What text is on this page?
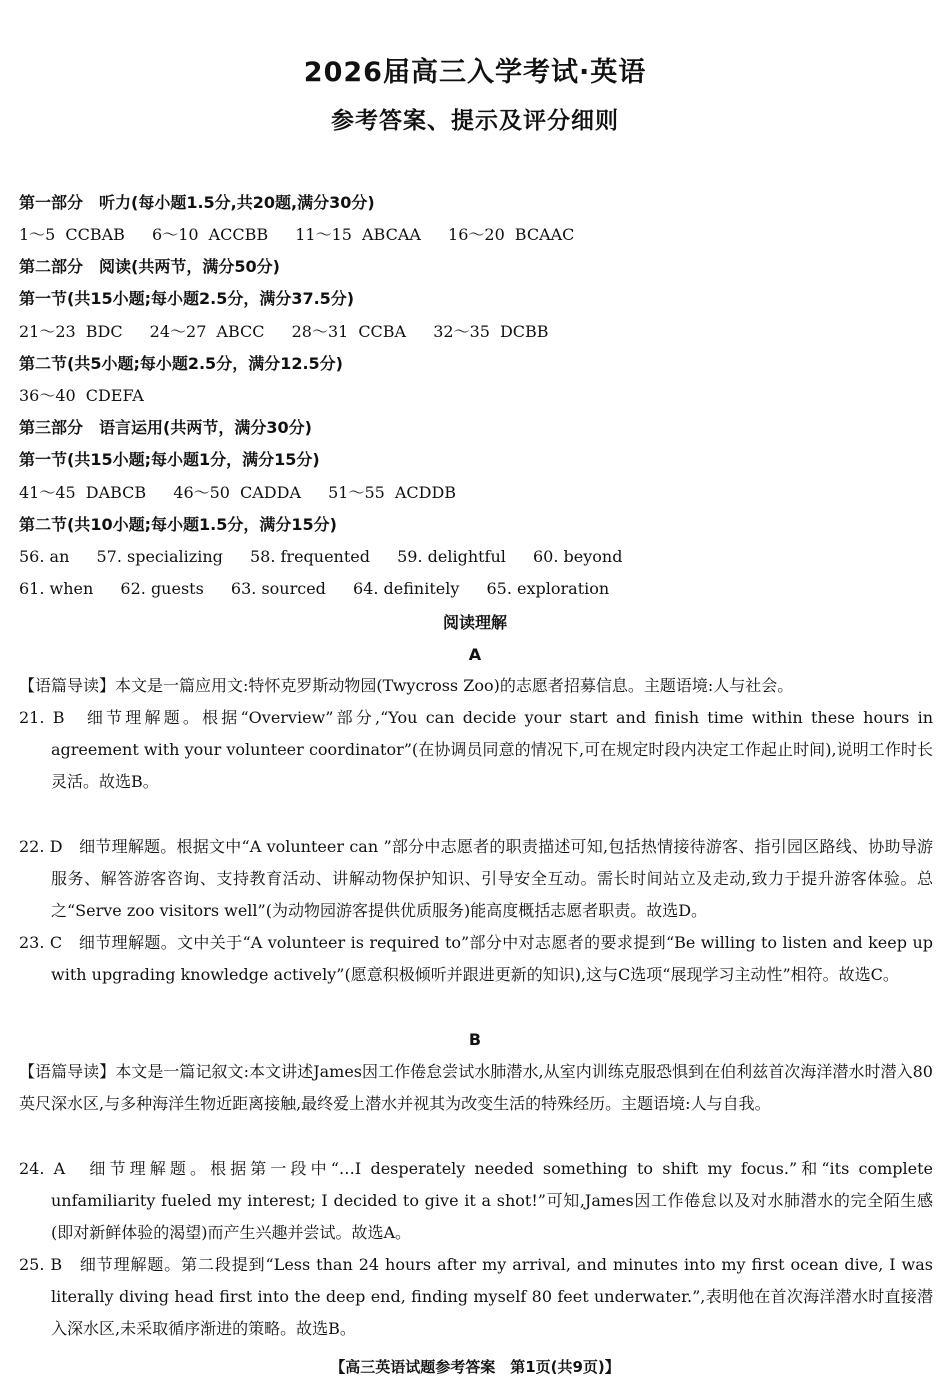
2026届高三入学考试·英语
参考答案、提示及评分细则
第一部分　听力(每小题1.5分,共20题,满分30分)
1～5 CCBAB 6～10 ACCBB 11～15 ABCAA 16～20 BCAAC
第二部分　阅读(共两节，满分50分)
第一节(共15小题;每小题2.5分，满分37.5分)
21～23 BDC 24～27 ABCC 28～31 CCBA 32～35 DCBB
第二节(共5小题;每小题2.5分，满分12.5分)
36～40 CDEFA
第三部分　语言运用(共两节，满分30分)
第一节(共15小题;每小题1分，满分15分)
41～45 DABCB 46～50 CADDA 51～55 ACDDB
第二节(共10小题;每小题1.5分，满分15分)
56. an 57. specializing 58. frequented 59. delightful 60. beyond
61. when 62. guests 63. sourced 64. definitely 65. exploration
阅读理解
A
【语篇导读】本文是一篇应用文:特怀克罗斯动物园(Twycross Zoo)的志愿者招募信息。主题语境:人与社会。
21. B　细节理解题。根据“Overview”部分,“You can decide your start and finish time within these hours in agreement with your volunteer coordinator”(在协调员同意的情况下,可在规定时段内决定工作起止时间),说明工作时长灵活。故选B。
22. D　细节理解题。根据文中“A volunteer can ”部分中志愿者的职责描述可知,包括热情接待游客、指引园区路线、协助导游服务、解答游客咨询、支持教育活动、讲解动物保护知识、引导安全互动。需长时间站立及走动,致力于提升游客体验。总之“Serve zoo visitors well”(为动物园游客提供优质服务)能高度概括志愿者职责。故选D。
23. C　细节理解题。文中关于“A volunteer is required to”部分中对志愿者的要求提到“Be willing to listen and keep up with upgrading knowledge actively”(愿意积极倾听并跟进更新的知识),这与C选项“展现学习主动性”相符。故选C。
B
【语篇导读】本文是一篇记叙文:本文讲述James因工作倦怠尝试水肺潜水,从室内训练克服恐惧到在伯利兹首次海洋潜水时潜入80英尺深水区,与多种海洋生物近距离接触,最终爱上潜水并视其为改变生活的特殊经历。主题语境:人与自我。
24. A　细节理解题。根据第一段中“…I desperately needed something to shift my focus.”和“its complete unfamiliarity fueled my interest; I decided to give it a shot!”可知,James因工作倦怠以及对水肺潜水的完全陌生感(即对新鲜体验的渴望)而产生兴趣并尝试。故选A。
25. B　细节理解题。第二段提到“Less than 24 hours after my arrival, and minutes into my first ocean dive, I was literally diving head first into the deep end, finding myself 80 feet underwater.”,表明他在首次海洋潜水时直接潜入深水区,未采取循序渐进的策略。故选B。
【高三英语试题参考答案　第1页(共9页)】
